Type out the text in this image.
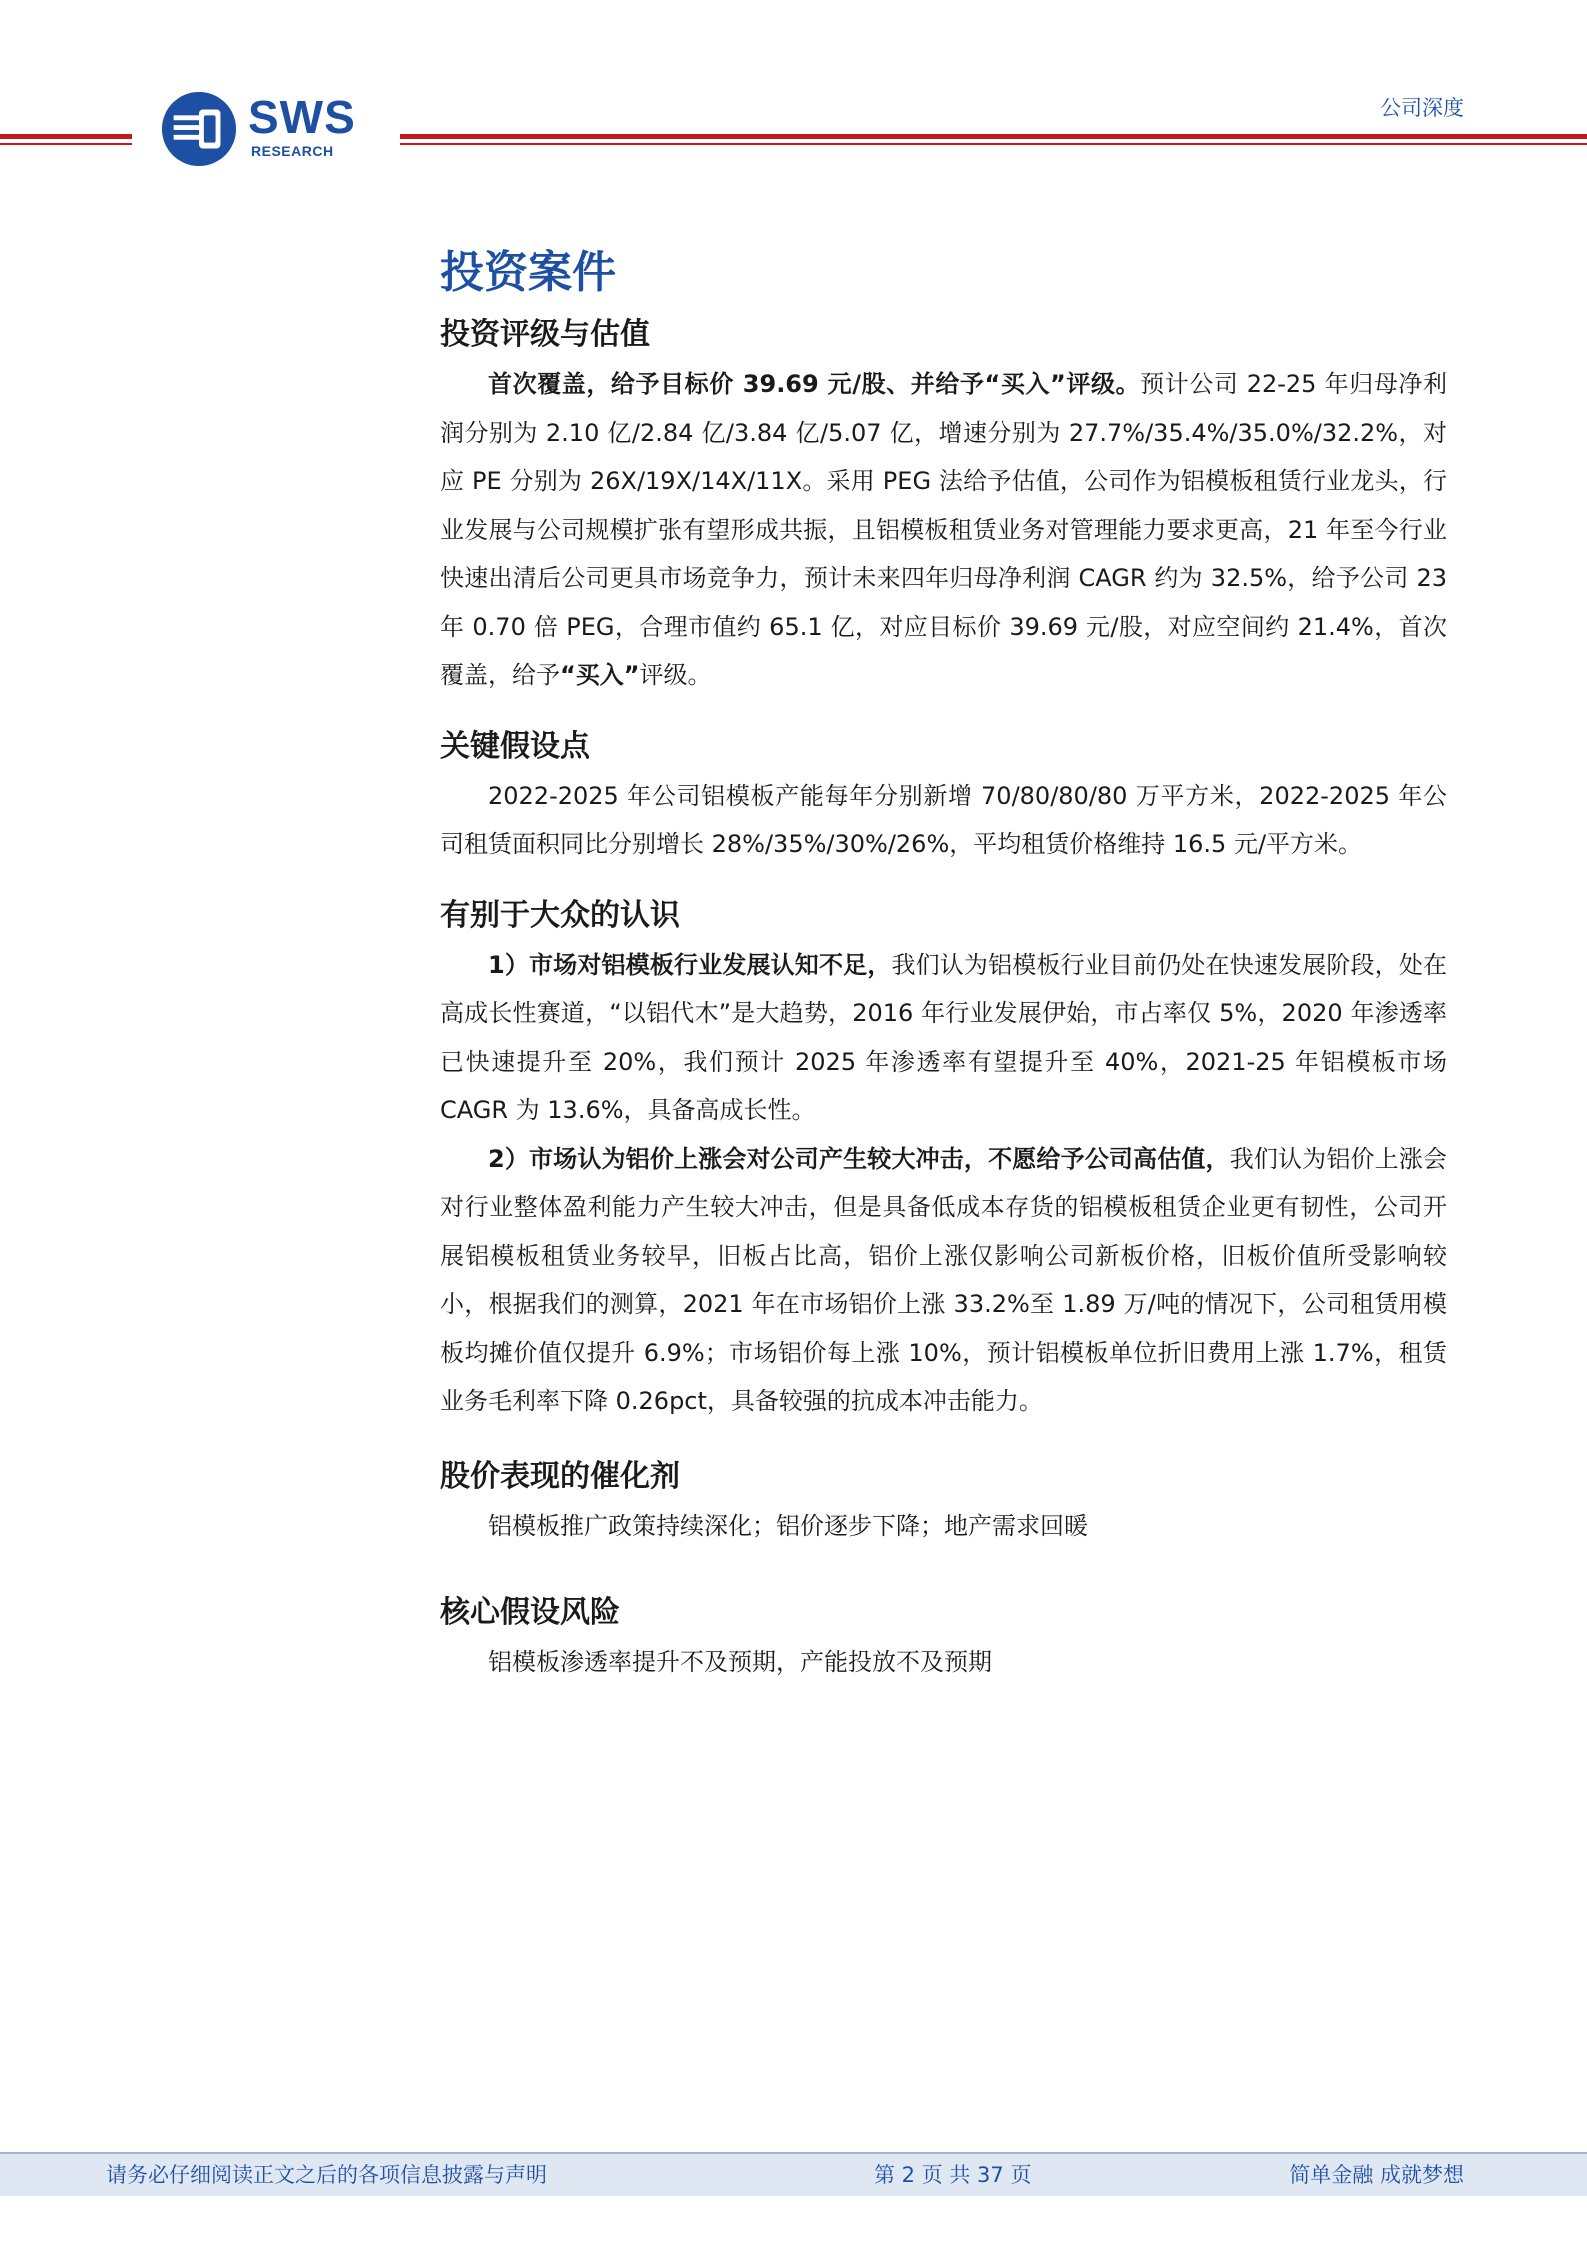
SWS
RESEARCH
公司深度
投资案件
投资评级与估值

首次覆盖，给予目标价 39.69 元/股、并给予“买入”评级。预计公司 22-25 年归母净利润分别为 2.10 亿/2.84 亿/3.84 亿/5.07 亿，增速分别为 27.7%/35.4%/35.0%/32.2%，对应 PE 分别为 26X/19X/14X/11X。采用 PEG 法给予估值，公司作为铝模板租赁行业龙头，行业发展与公司规模扩张有望形成共振，且铝模板租赁业务对管理能力要求更高，21 年至今行业快速出清后公司更具市场竞争力，预计未来四年归母净利润 CAGR 约为 32.5%，给予公司 23 年 0.70 倍 PEG，合理市值约 65.1 亿，对应目标价 39.69 元/股，对应空间约 21.4%，首次覆盖，给予“买入”评级。

关键假设点

2022-2025 年公司铝模板产能每年分别新增 70/80/80/80 万平方米，2022-2025 年公司租赁面积同比分别增长 28%/35%/30%/26%，平均租赁价格维持 16.5 元/平方米。

有别于大众的认识

1）市场对铝模板行业发展认知不足，我们认为铝模板行业目前仍处在快速发展阶段，处在高成长性赛道，“以铝代木”是大趋势，2016 年行业发展伊始，市占率仅 5%，2020 年渗透率已快速提升至 20%，我们预计 2025 年渗透率有望提升至 40%，2021-25 年铝模板市场 CAGR 为 13.6%，具备高成长性。

2）市场认为铝价上涨会对公司产生较大冲击，不愿给予公司高估值，我们认为铝价上涨会对行业整体盈利能力产生较大冲击，但是具备低成本存货的铝模板租赁企业更有韧性，公司开展铝模板租赁业务较早，旧板占比高，铝价上涨仅影响公司新板价格，旧板价值所受影响较小，根据我们的测算，2021 年在市场铝价上涨 33.2%至 1.89 万/吨的情况下，公司租赁用模板均摊价值仅提升 6.9%；市场铝价每上涨 10%，预计铝模板单位折旧费用上涨 1.7%，租赁业务毛利率下降 0.26pct，具备较强的抗成本冲击能力。

股价表现的催化剂

铝模板推广政策持续深化；铝价逐步下降；地产需求回暖

核心假设风险

铝模板渗透率提升不及预期，产能投放不及预期

请务必仔细阅读正文之后的各项信息披露与声明	第 2 页 共 37 页	简单金融 成就梦想
